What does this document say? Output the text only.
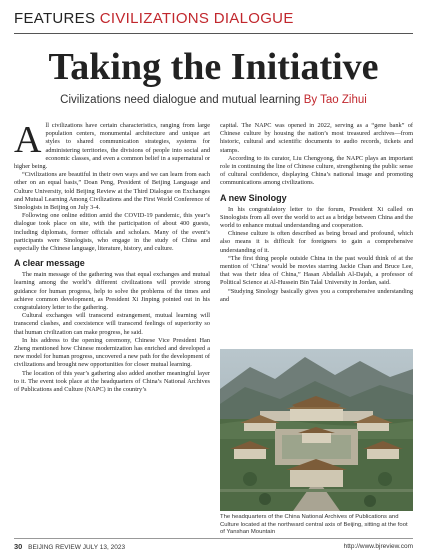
FEATURES CIVILIZATIONS DIALOGUE
Taking the Initiative
Civilizations need dialogue and mutual learning By Tao Zihui

All civilizations have certain characteristics, ranging from large population centers, monumental architecture and unique art styles to shared communication strategies, systems for administering territories, the divisions of people into social and economic classes, and even a common belief in a supernatural or higher being.

“Civilizations are beautiful in their own ways and we can learn from each other on an equal basis,” Doan Peng, President of Beijing Language and Culture University, told Beijing Review at the Third Dialogue on Exchanges and Mutual Learning Among Civilizations and the First World Conference of Sinologists in Beijing on July 3-4.

Following one online edition amid the COVID-19 pandemic, this year’s dialogue took place on site, with the participation of about 400 guests, including diplomats, former officials and scholars. Many of the event’s participants were Sinologists, who engage in the study of China and especially the Chinese language, literature, history, and culture.

A clear message

The main message of the gathering was that equal exchanges and mutual learning among the world’s different civilizations will provide strong guidance for human progress, help to solve the problems of the times and achieve common development, as President Xi Jinping pointed out in his congratulatory letter to the gathering.

Cultural exchanges will transcend estrangement, mutual learning will transcend clashes, and coexistence will transcend feelings of superiority so that human civilization can make progress, he said.

In his address to the opening ceremony, Chinese Vice President Han Zheng mentioned how Chinese modernization has enriched and developed a new model for human progress, uncovered a new path for the development of civilizations and brought new opportunities for closer mutual learning.

The location of this year’s gathering also added another meaningful layer to it. The event took place at the headquarters of China’s National Archives of Publications and Culture (NAPC) in the country’s

capital. The NAPC was opened in 2022, serving as a “gene bank” of Chinese culture by housing the nation’s most treasured archives—from historic, cultural and scientific documents to audio records, tickets and stamps.

According to its curator, Liu Chengyong, the NAPC plays an important role in continuing the line of Chinese culture, strengthening the public sense of cultural confidence, displaying China’s national image and promoting communications among civilizations.

A new Sinology

In his congratulatory letter to the forum, President Xi called on Sinologists from all over the world to act as a bridge between China and the world to enhance mutual understanding and cooperation.

Chinese culture is often described as being broad and profound, which also means it is difficult for foreigners to gain a comprehensive understanding of it.

“The first thing people outside China in the past would think of at the mention of ‘China’ would be movies starring Jackie Chan and Bruce Lee, that was their idea of China,” Hasan Abdallah Al-Dajah, a professor of Political Science at Al-Hussein Bin Talal University in Jordan, said.

“Studying Sinology basically gives you a comprehensive understanding and

The headquarters of the China National Archives of Publications and Culture located at the northward central axis of Beijing, sitting at the foot of Yanshan Mountain
30 BEIJING REVIEW JULY 13, 2023	http://www.bjreview.com
